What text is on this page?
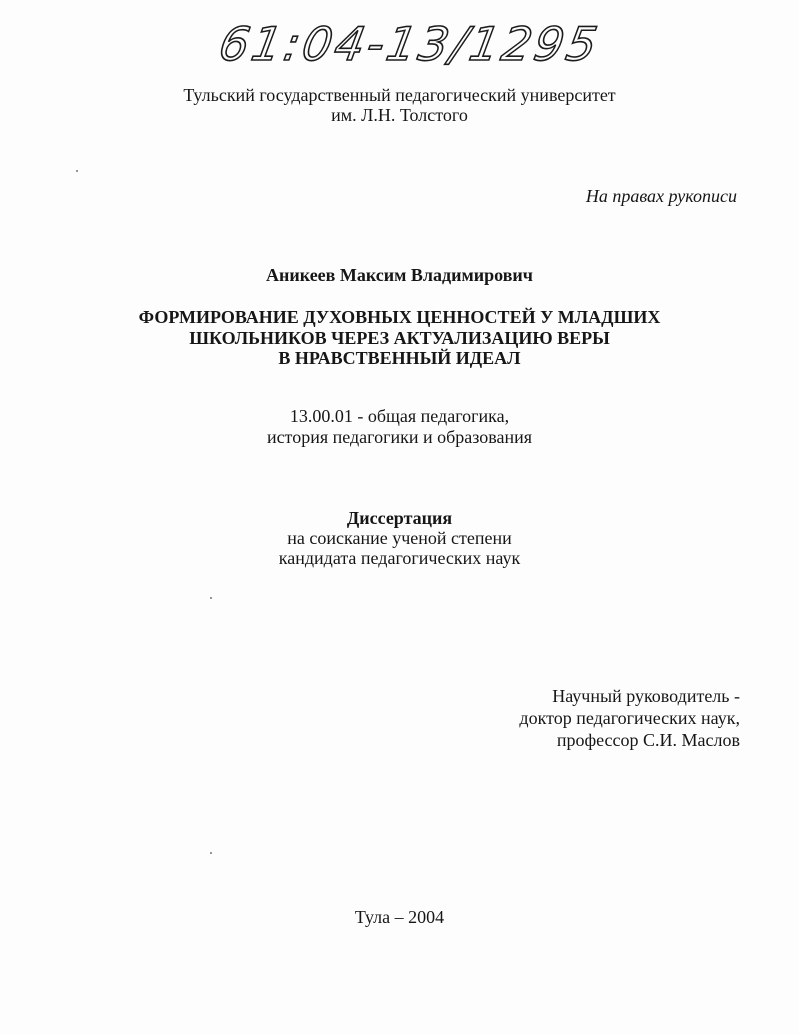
61:04-13/1295
Тульский государственный педагогический университет
им. Л.Н. Толстого
На правах рукописи
Аникеев Максим Владимирович
ФОРМИРОВАНИЕ ДУХОВНЫХ ЦЕННОСТЕЙ У МЛАДШИХ
ШКОЛЬНИКОВ ЧЕРЕЗ АКТУАЛИЗАЦИЮ ВЕРЫ
В НРАВСТВЕННЫЙ ИДЕАЛ
13.00.01 - общая педагогика,
история педагогики и образования
Диссертация
на соискание ученой степени
кандидата педагогических наук
Научный руководитель -
доктор педагогических наук,
профессор С.И. Маслов
Тула – 2004
